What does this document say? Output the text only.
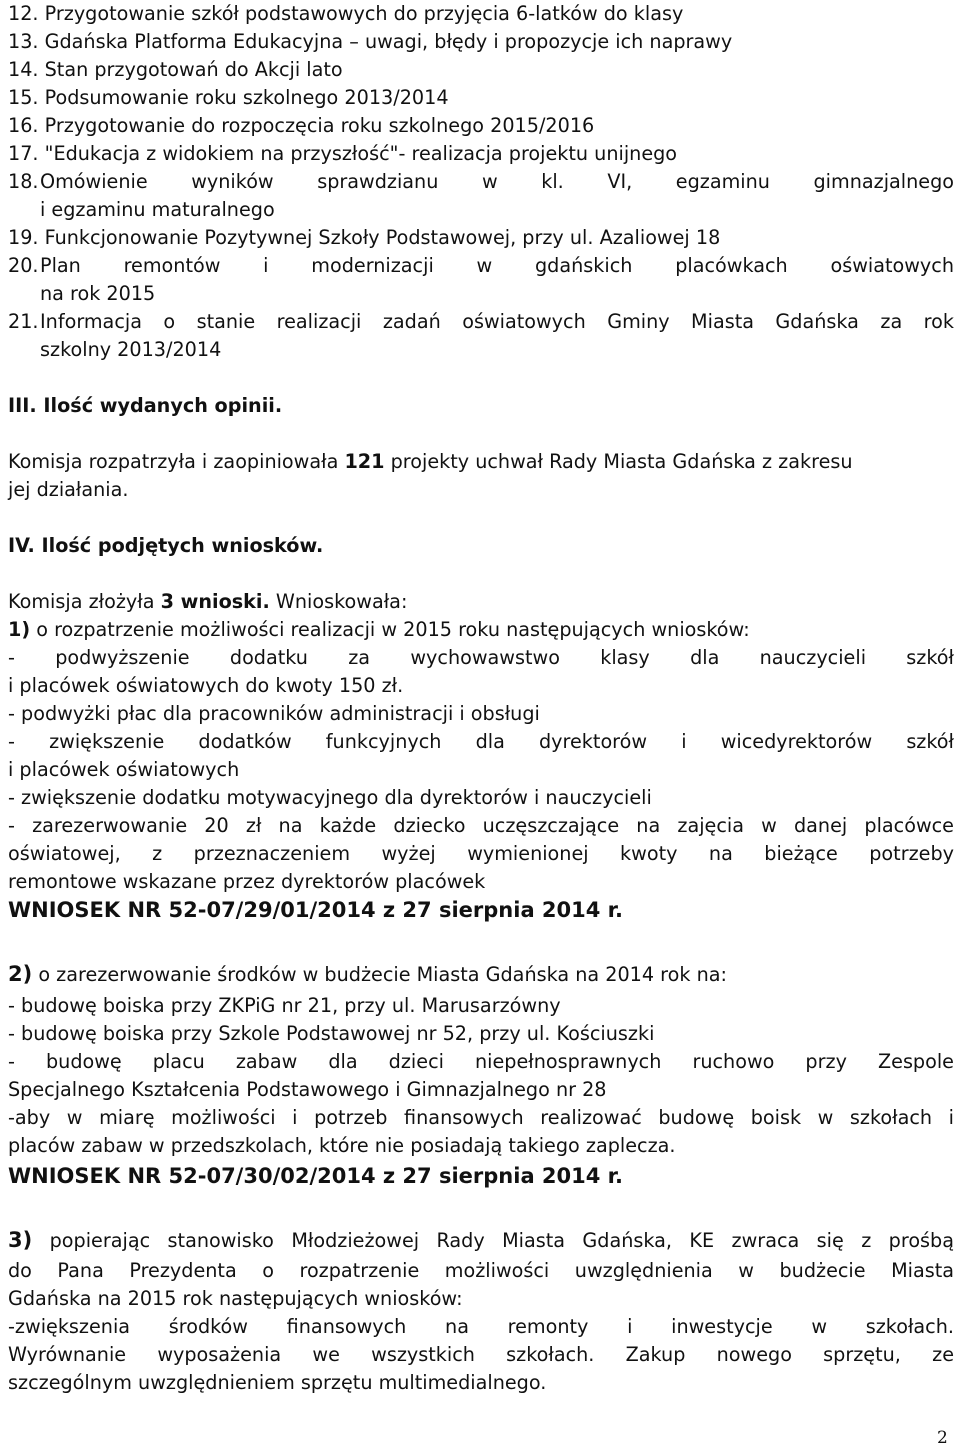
12. Przygotowanie szkół podstawowych do przyjęcia 6-latków do klasy
13. Gdańska Platforma Edukacyjna – uwagi, błędy i propozycje ich naprawy
14. Stan przygotowań do Akcji lato
15. Podsumowanie roku szkolnego 2013/2014
16. Przygotowanie do rozpoczęcia roku szkolnego 2015/2016
17. "Edukacja z widokiem na przyszłość"- realizacja projektu unijnego
18. Omówienie wyników sprawdzianu w kl. VI, egzaminu gimnazjalnego
i egzaminu maturalnego
19. Funkcjonowanie Pozytywnej Szkoły Podstawowej, przy ul. Azaliowej 18
20. Plan remontów i modernizacji w gdańskich placówkach oświatowych
na rok 2015
21. Informacja o stanie realizacji zadań oświatowych Gminy Miasta Gdańska za rok
szkolny 2013/2014
III. Ilość wydanych opinii.
Komisja rozpatrzyła i zaopiniowała 121 projekty uchwał Rady Miasta Gdańska z zakresu
jej działania.
IV. Ilość podjętych wniosków.
Komisja złożyła 3 wnioski. Wnioskowała:
1) o rozpatrzenie możliwości realizacji w 2015 roku następujących wniosków:
- podwyższenie dodatku za wychowawstwo klasy dla nauczycieli szkół
i placówek oświatowych do kwoty 150 zł.
- podwyżki płac dla pracowników administracji i obsługi
- zwiększenie dodatków funkcyjnych dla dyrektorów i wicedyrektorów szkół
i placówek oświatowych
- zwiększenie dodatku motywacyjnego dla dyrektorów i nauczycieli
- zarezerwowanie 20 zł na każde dziecko uczęszczające na zajęcia w danej placówce
oświatowej, z przeznaczeniem wyżej wymienionej kwoty na bieżące potrzeby
remontowe wskazane przez dyrektorów placówek
WNIOSEK NR 52-07/29/01/2014 z 27 sierpnia 2014 r.
2) o zarezerwowanie środków w budżecie Miasta Gdańska na 2014 rok na:
- budowę boiska przy ZKPiG nr 21, przy ul. Marusarzówny
- budowę boiska przy Szkole Podstawowej nr 52, przy ul. Kościuszki
- budowę placu zabaw dla dzieci niepełnosprawnych ruchowo przy Zespole
Specjalnego Kształcenia Podstawowego i Gimnazjalnego nr 28
-aby w miarę możliwości i potrzeb finansowych realizować budowę boisk w szkołach i
placów zabaw w przedszkolach, które nie posiadają takiego zaplecza.
WNIOSEK NR 52-07/30/02/2014 z 27 sierpnia 2014 r.
3) popierając stanowisko Młodzieżowej Rady Miasta Gdańska, KE zwraca się z prośbą
do Pana Prezydenta o rozpatrzenie możliwości uwzględnienia w budżecie Miasta
Gdańska na 2015 rok następujących wniosków:
-zwiększenia środków finansowych na remonty i inwestycje w szkołach.
Wyrównanie wyposażenia we wszystkich szkołach. Zakup nowego sprzętu, ze
szczególnym uwzględnieniem sprzętu multimedialnego.
2
